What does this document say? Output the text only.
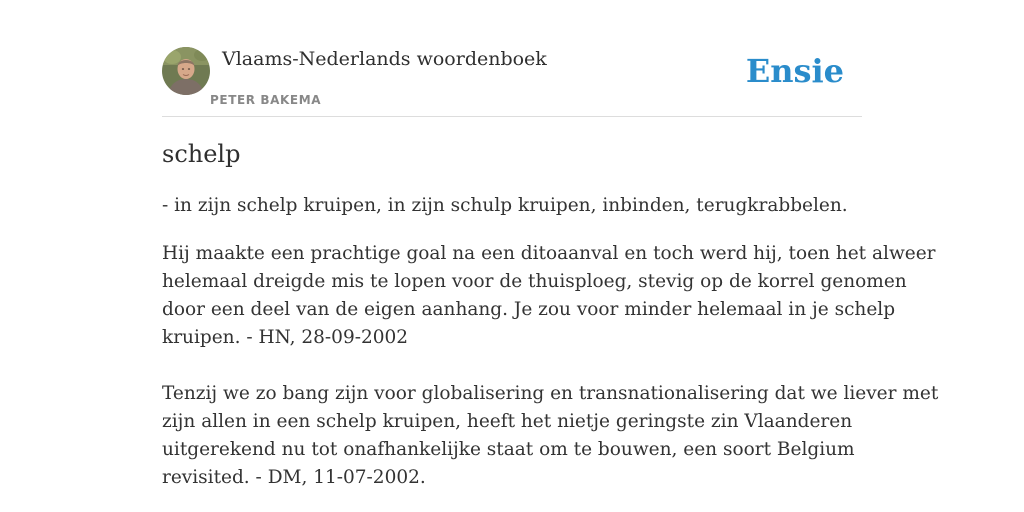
Vlaams-Nederlands woordenboek
PETER BAKEMA
Ensie
schelp
- in zijn schelp kruipen, in zijn schulp kruipen, inbinden, terugkrabbelen.
Hij maakte een prachtige goal na een ditoaanval en toch werd hij, toen het alweer
helemaal dreigde mis te lopen voor de thuisploeg, stevig op de korrel genomen
door een deel van de eigen aanhang. Je zou voor minder helemaal in je schelp
kruipen. - HN, 28-09-2002
Tenzij we zo bang zijn voor globalisering en transnationalisering dat we liever met
zijn allen in een schelp kruipen, heeft het nietje geringste zin Vlaanderen
uitgerekend nu tot onafhankelijke staat om te bouwen, een soort Belgium
revisited. - DM, 11-07-2002.
